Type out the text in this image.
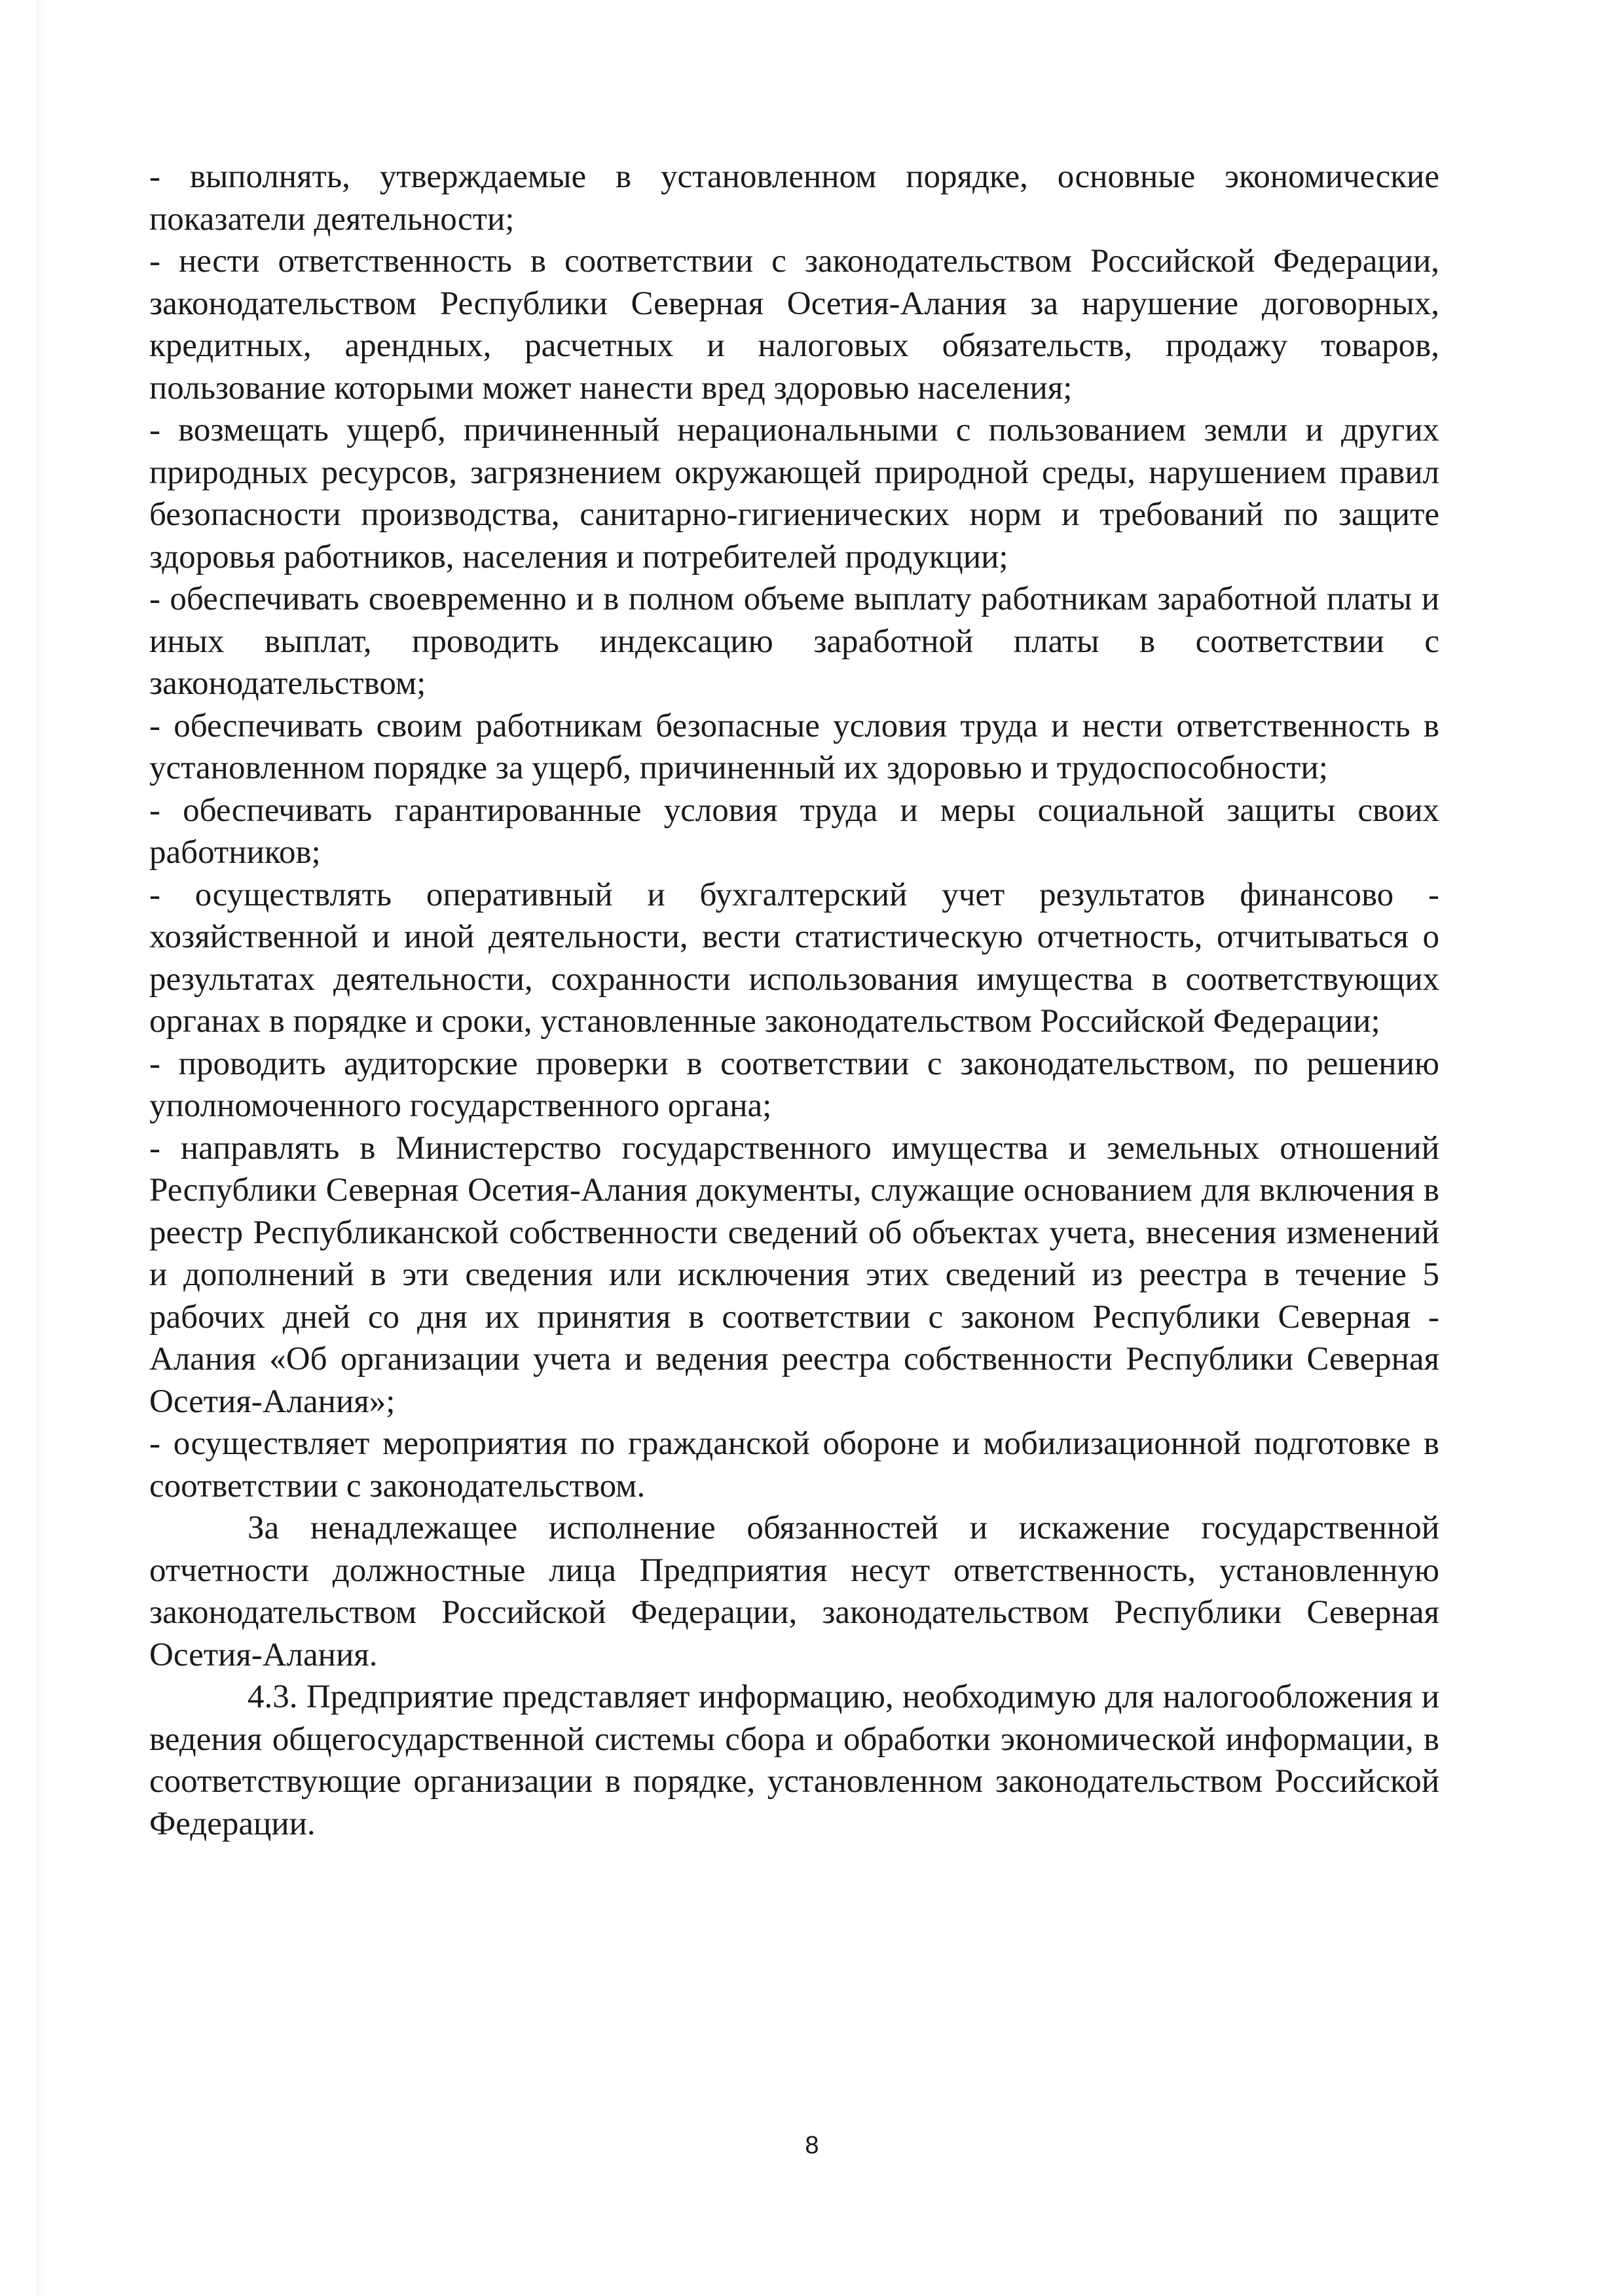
- выполнять, утверждаемые в установленном порядке, основные экономические показатели деятельности;

- нести ответственность в соответствии с законодательством Российской Федерации, законодательством Республики Северная Осетия-Алания за нарушение договорных, кредитных, арендных, расчетных и налоговых обязательств, продажу товаров, пользование которыми может нанести вред здоровью населения;

- возмещать ущерб, причиненный нерациональными с пользованием земли и других природных ресурсов, загрязнением окружающей природной среды, нарушением правил безопасности производства, санитарно-гигиенических норм и требований по защите здоровья работников, населения и потребителей продукции;

- обеспечивать своевременно и в полном объеме выплату работникам заработной платы и иных выплат, проводить индексацию заработной платы в соответствии с законодательством;

- обеспечивать своим работникам безопасные условия труда и нести ответственность в установленном порядке за ущерб, причиненный их здоровью и трудоспособности;

- обеспечивать гарантированные условия труда и меры социальной защиты своих работников;

- осуществлять оперативный и бухгалтерский учет результатов финансово - хозяйственной и иной деятельности, вести статистическую отчетность, отчитываться о результатах деятельности, сохранности использования имущества в соответствующих органах в порядке и сроки, установленные законодательством Российской Федерации;

- проводить аудиторские проверки в соответствии с законодательством, по решению уполномоченного государственного органа;

- направлять в Министерство государственного имущества и земельных отношений Республики Северная Осетия-Алания документы, служащие основанием для включения в реестр Республиканской собственности сведений об объектах учета, внесения изменений и дополнений в эти сведения или исключения этих сведений из реестра в течение 5 рабочих дней со дня их принятия в соответствии с законом Республики Северная - Алания «Об организации учета и ведения реестра собственности Республики Северная Осетия-Алания»;

- осуществляет мероприятия по гражданской обороне и мобилизационной подготовке в соответствии с законодательством.

За ненадлежащее исполнение обязанностей и искажение государственной отчетности должностные лица Предприятия несут ответственность, установленную законодательством Российской Федерации, законодательством Республики Северная Осетия-Алания.

4.3. Предприятие представляет информацию, необходимую для налогообложения и ведения общегосударственной системы сбора и обработки экономической информации, в соответствующие организации в порядке, установленном законодательством Российской Федерации.

8
